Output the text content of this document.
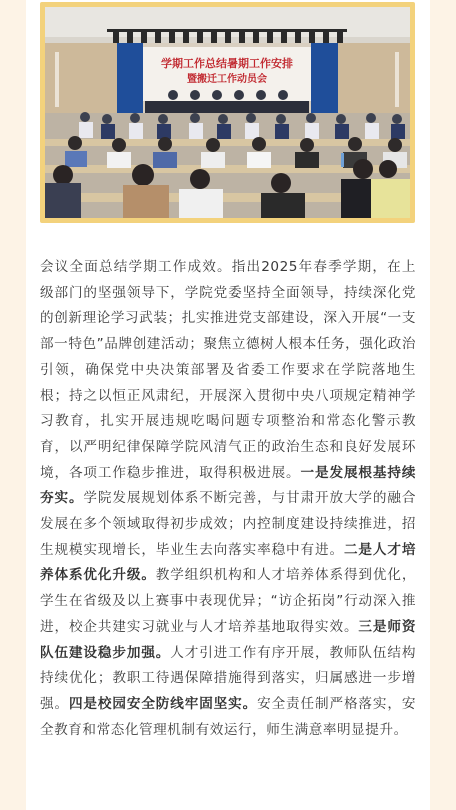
学期工作总结暑期工作安排
暨搬迁工作动员会

会议全面总结学期工作成效。指出2025年春季学期，在上级部门的坚强领导下，学院党委坚持全面领导，持续深化党的创新理论学习武装；扎实推进党支部建设，深入开展“一支部一特色”品牌创建活动；聚焦立德树人根本任务，强化政治引领，确保党中央决策部署及省委工作要求在学院落地生根；持之以恒正风肃纪，开展深入贯彻中央八项规定精神学习教育，扎实开展违规吃喝问题专项整治和常态化警示教育，以严明纪律保障学院风清气正的政治生态和良好发展环境，各项工作稳步推进，取得积极进展。一是发展根基持续夯实。学院发展规划体系不断完善，与甘肃开放大学的融合发展在多个领域取得初步成效；内控制度建设持续推进，招生规模实现增长，毕业生去向落实率稳中有进。二是人才培养体系优化升级。教学组织机构和人才培养体系得到优化，学生在省级及以上赛事中表现优异；“访企拓岗”行动深入推进，校企共建实习就业与人才培养基地取得实效。三是师资队伍建设稳步加强。人才引进工作有序开展，教师队伍结构持续优化；教职工待遇保障措施得到落实，归属感进一步增强。四是校园安全防线牢固坚实。安全责任制严格落实，安全教育和常态化管理机制有效运行，师生满意率明显提升。
